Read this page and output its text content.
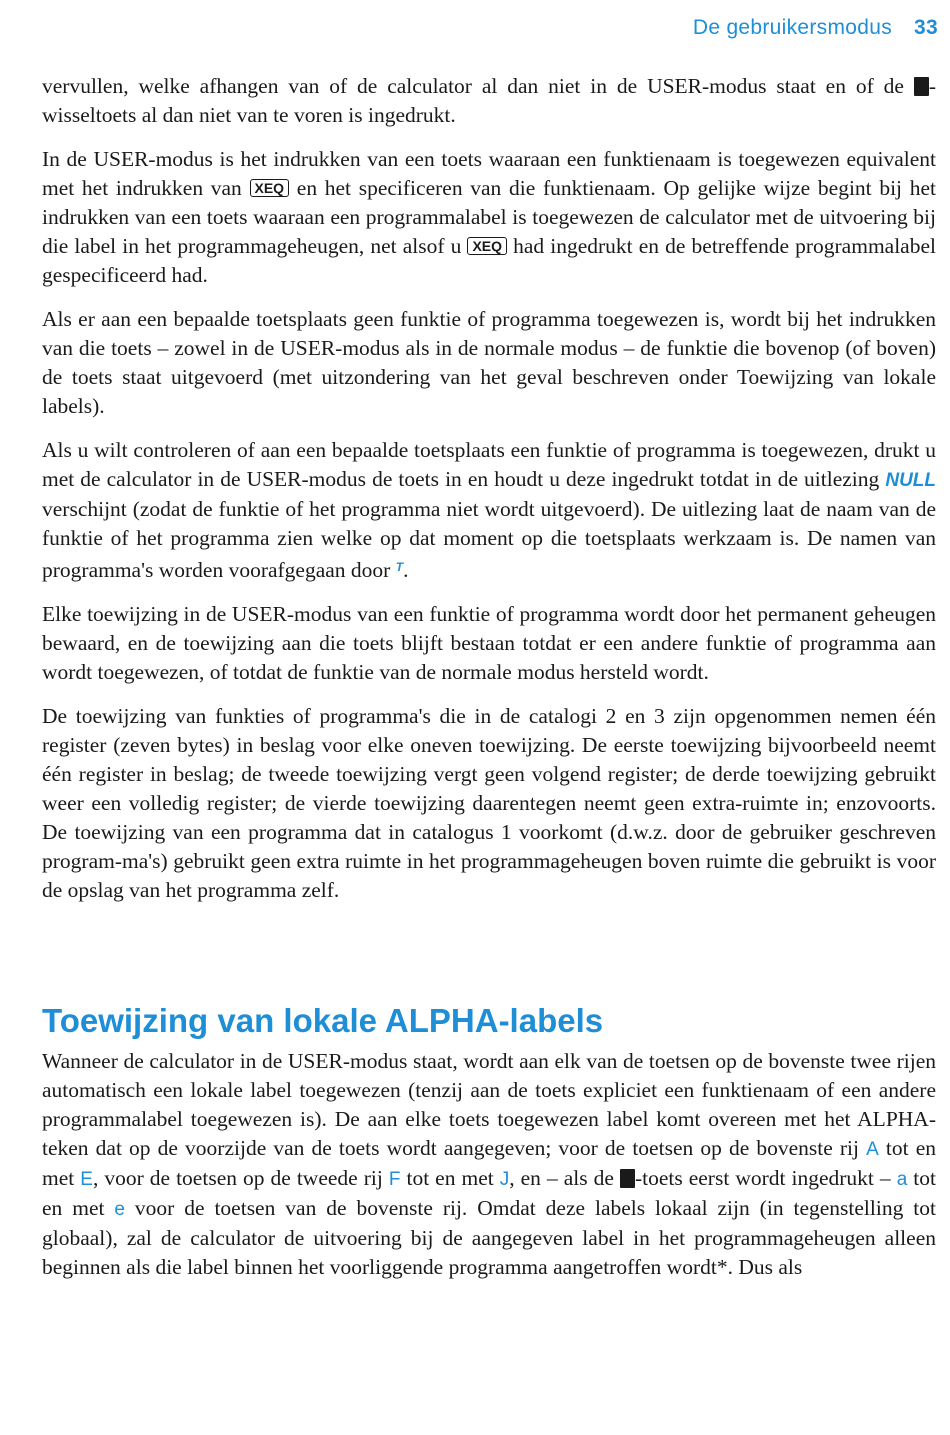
De gebruikersmodus 33

vervullen, welke afhangen van of de calculator al dan niet in de USER-modus staat en of de -wisseltoets al dan niet van te voren is ingedrukt.

In de USER-modus is het indrukken van een toets waaraan een funktienaam is toegewezen equivalent met het indrukken van XEQ en het specificeren van die funktienaam. Op gelijke wijze begint bij het indrukken van een toets waaraan een programmalabel is toegewezen de calculator met de uitvoering bij die label in het programmageheugen, net alsof u XEQ had ingedrukt en de betreffende programmalabel gespecificeerd had.

Als er aan een bepaalde toetsplaats geen funktie of programma toegewezen is, wordt bij het indrukken van die toets – zowel in de USER-modus als in de normale modus – de funktie die bovenop (of boven) de toets staat uitgevoerd (met uitzondering van het geval beschreven onder Toewijzing van lokale labels).

Als u wilt controleren of aan een bepaalde toetsplaats een funktie of programma is toegewezen, drukt u met de calculator in de USER-modus de toets in en houdt u deze ingedrukt totdat in de uitlezing NULL verschijnt (zodat de funktie of het programma niet wordt uitgevoerd). De uitlezing laat de naam van de funktie of het programma zien welke op dat moment op die toetsplaats werkzaam is. De namen van programma's worden voorafgegaan door $^T$.

Elke toewijzing in de USER-modus van een funktie of programma wordt door het permanent geheugen bewaard, en de toewijzing aan die toets blijft bestaan totdat er een andere funktie of programma aan wordt toegewezen, of totdat de funktie van de normale modus hersteld wordt.

De toewijzing van funkties of programma's die in de catalogi 2 en 3 zijn opgenommen nemen één register (zeven bytes) in beslag voor elke oneven toewijzing. De eerste toewijzing bijvoorbeeld neemt één register in beslag; de tweede toewijzing vergt geen volgend register; de derde toewijzing gebruikt weer een volledig register; de vierde toewijzing daarentegen neemt geen extra-ruimte in; enzovoorts. De toewijzing van een programma dat in catalogus 1 voorkomt (d.w.z. door de gebruiker geschreven program-ma's) gebruikt geen extra ruimte in het programmageheugen boven ruimte die gebruikt is voor de opslag van het programma zelf.

Toewijzing van lokale ALPHA-labels

Wanneer de calculator in de USER-modus staat, wordt aan elk van de toetsen op de bovenste twee rijen automatisch een lokale label toegewezen (tenzij aan de toets expliciet een funktienaam of een andere programmalabel toegewezen is). De aan elke toets toegewezen label komt overeen met het ALPHA-teken dat op de voorzijde van de toets wordt aangegeven; voor de toetsen op de bovenste rij A tot en met E, voor de toetsen op de tweede rij F tot en met J, en – als de -toets eerst wordt ingedrukt – a tot en met e voor de toetsen van de bovenste rij. Omdat deze labels lokaal zijn (in tegenstelling tot globaal), zal de calculator de uitvoering bij de aangegeven label in het programmageheugen alleen beginnen als die label binnen het voorliggende programma aangetroffen wordt*. Dus als
